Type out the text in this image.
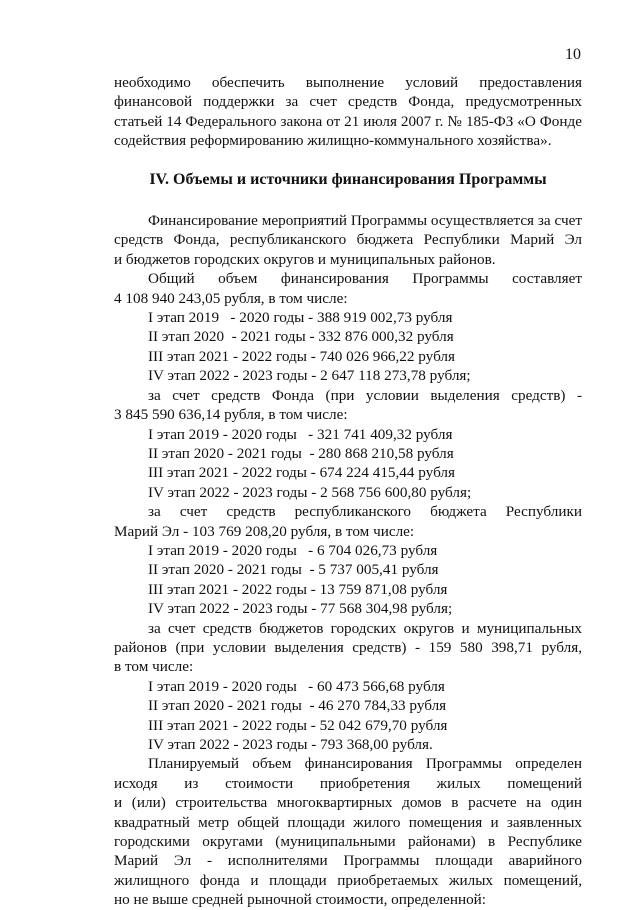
10
необходимо обеспечить выполнение условий предоставления
финансовой поддержки за счет средств Фонда, предусмотренных
статьей 14 Федерального закона от 21 июля 2007 г. № 185-ФЗ «О Фонде
содействия реформированию жилищно-коммунального хозяйства».
IV. Объемы и источники финансирования Программы
Финансирование мероприятий Программы осуществляется за счет
средств Фонда, республиканского бюджета Республики Марий Эл
и бюджетов городских округов и муниципальных районов.
Общий объем финансирования Программы составляет
4 108 940 243,05 рубля, в том числе:
I этап 2019   - 2020 годы - 388 919 002,73 рубля
II этап 2020  - 2021 годы - 332 876 000,32 рубля
III этап 2021 - 2022 годы - 740 026 966,22 рубля
IV этап 2022 - 2023 годы - 2 647 118 273,78 рубля;
за счет средств Фонда (при условии выделения средств) -
3 845 590 636,14 рубля, в том числе:
I этап 2019 - 2020 годы   - 321 741 409,32 рубля
II этап 2020 - 2021 годы  - 280 868 210,58 рубля
III этап 2021 - 2022 годы - 674 224 415,44 рубля
IV этап 2022 - 2023 годы - 2 568 756 600,80 рубля;
за счет средств республиканского бюджета Республики
Марий Эл - 103 769 208,20 рубля, в том числе:
I этап 2019 - 2020 годы   - 6 704 026,73 рубля
II этап 2020 - 2021 годы  - 5 737 005,41 рубля
III этап 2021 - 2022 годы - 13 759 871,08 рубля
IV этап 2022 - 2023 годы - 77 568 304,98 рубля;
за счет средств бюджетов городских округов и муниципальных
районов (при условии выделения средств) - 159 580 398,71 рубля,
в том числе:
I этап 2019 - 2020 годы   - 60 473 566,68 рубля
II этап 2020 - 2021 годы  - 46 270 784,33 рубля
III этап 2021 - 2022 годы - 52 042 679,70 рубля
IV этап 2022 - 2023 годы - 793 368,00 рубля.
Планируемый объем финансирования Программы определен
исходя из стоимости приобретения жилых помещений
и (или) строительства многоквартирных домов в расчете на один
квадратный метр общей площади жилого помещения и заявленных
городскими округами (муниципальными районами) в Республике
Марий Эл - исполнителями Программы площади аварийного
жилищного фонда и площади приобретаемых жилых помещений,
но не выше средней рыночной стоимости, определенной:
